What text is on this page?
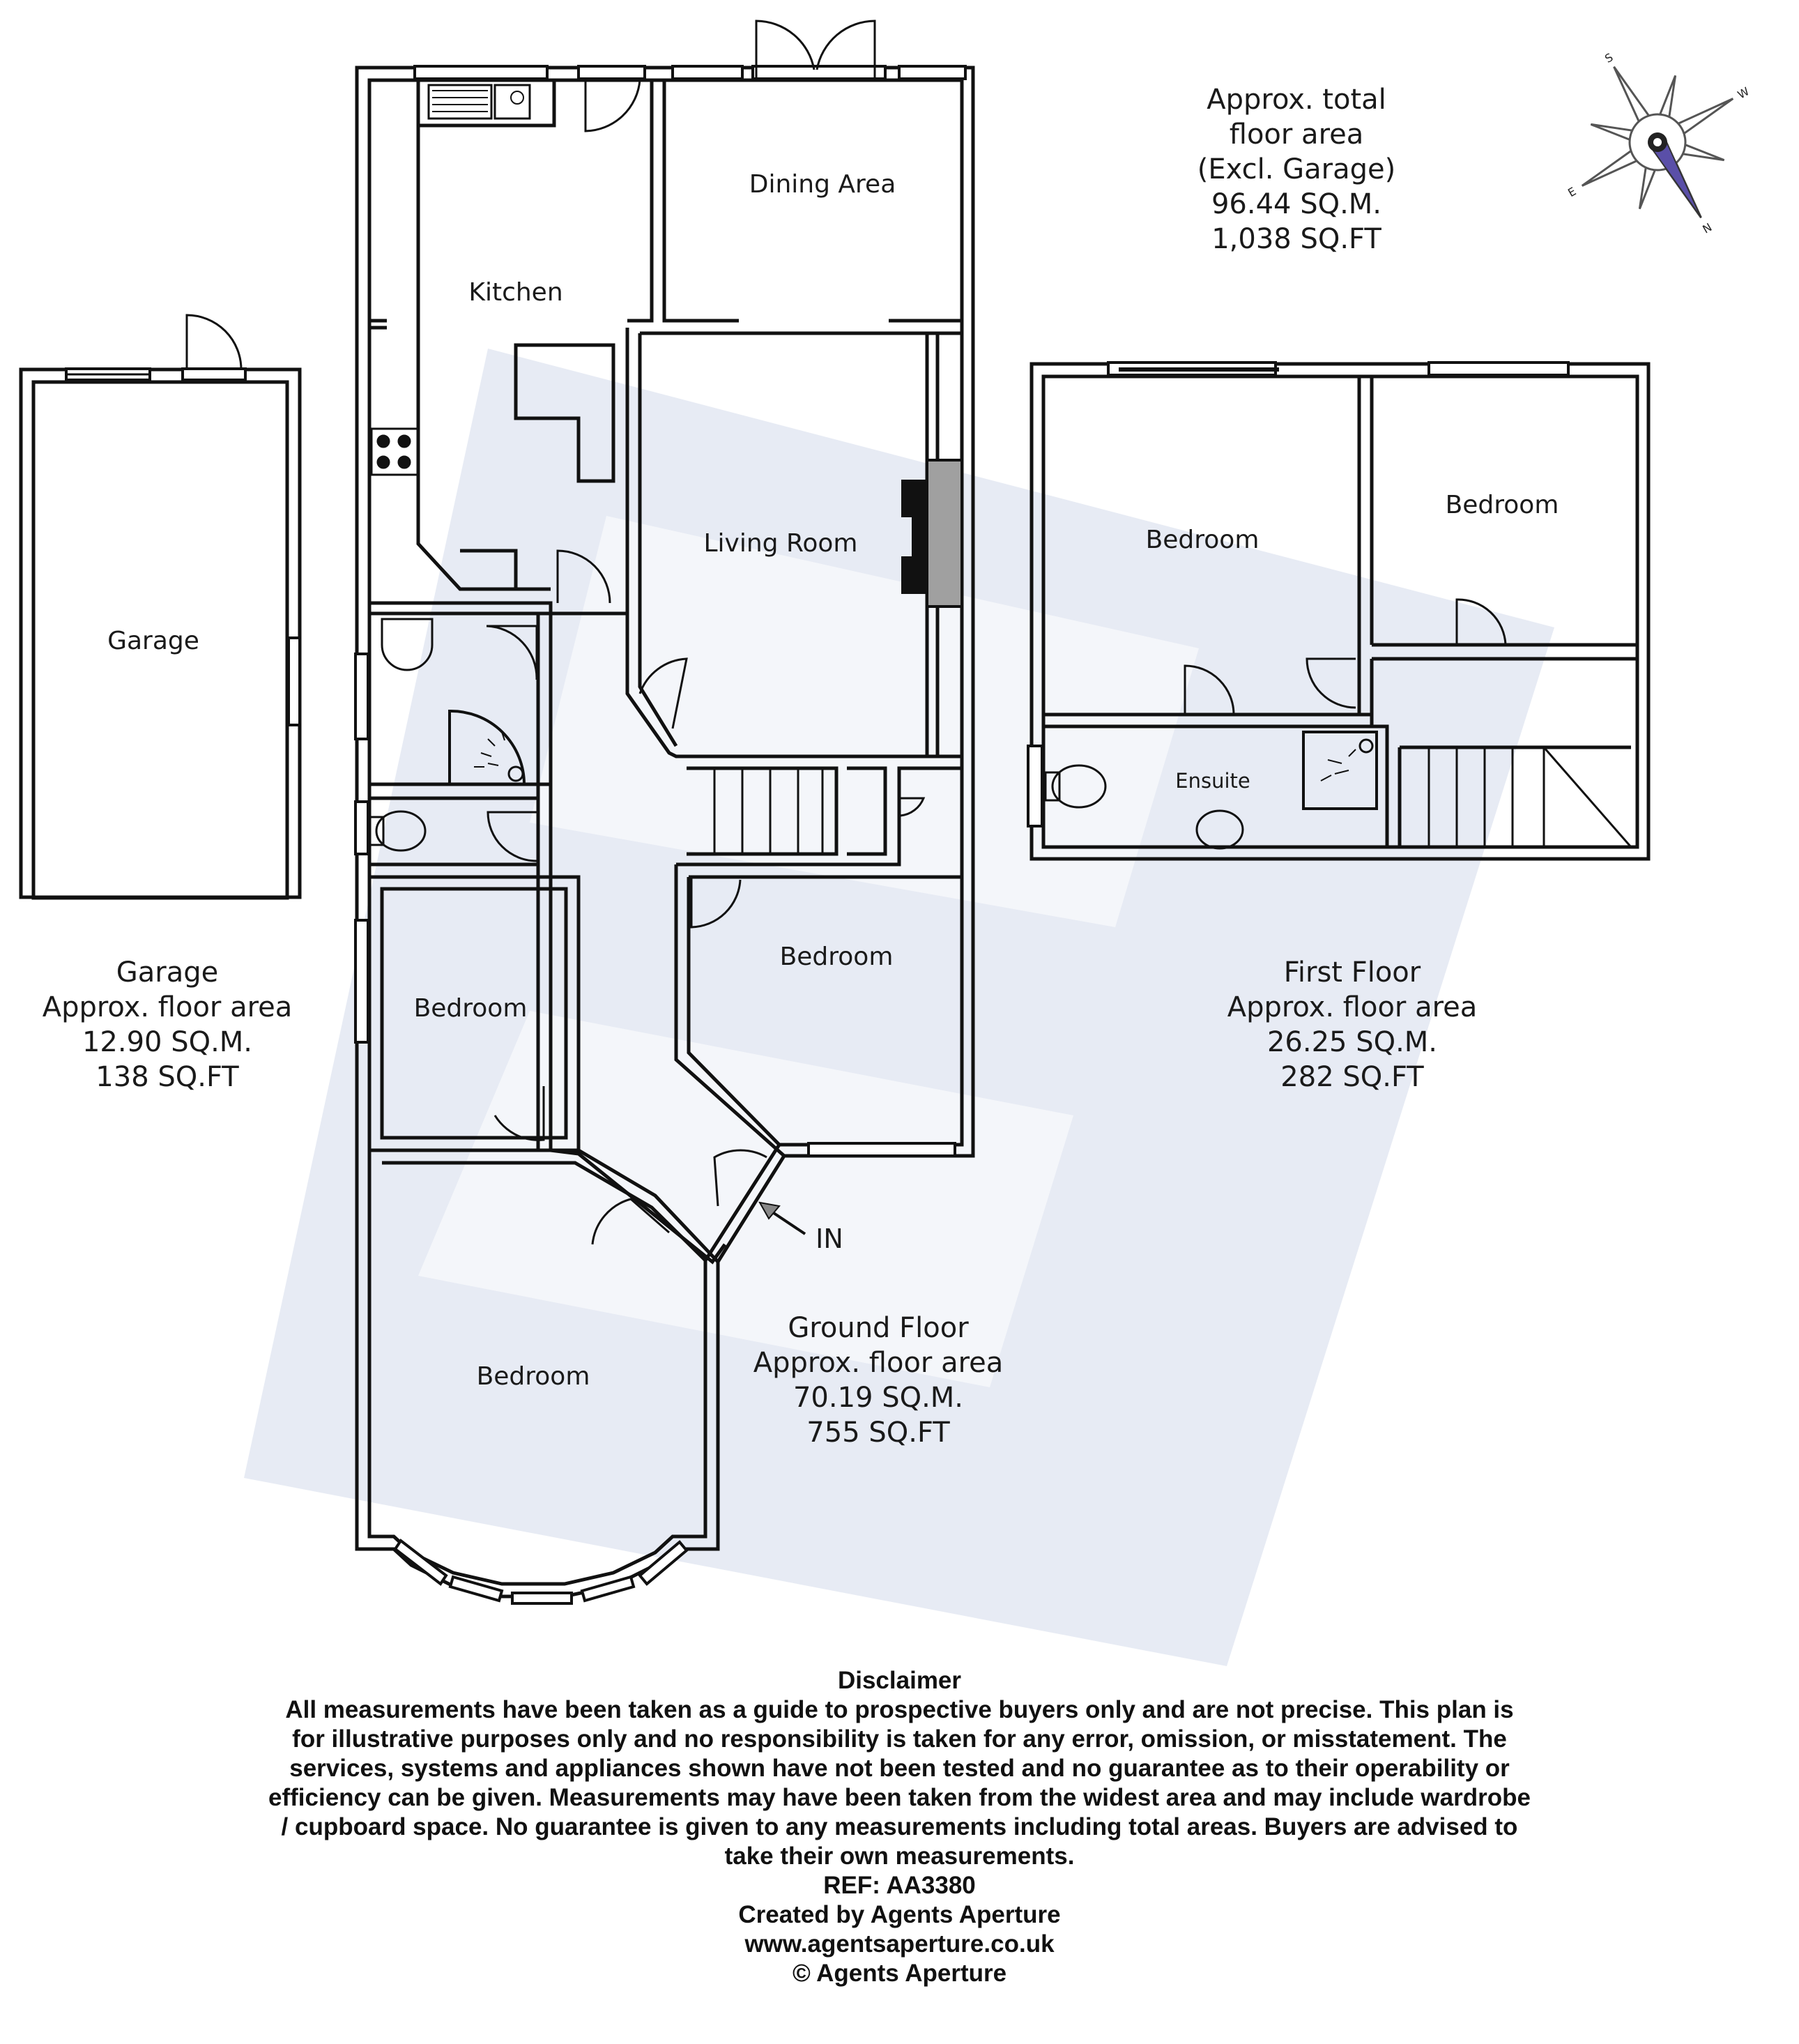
N
S
E
W
Kitchen
Dining Area
Living Room
Garage
Bedroom
Bedroom
Bedroom
Bedroom
Bedroom
Ensuite
IN
Approx. total
floor area
(Excl. Garage)
96.44 SQ.M.
1,038 SQ.FT
Garage
Approx. floor area
12.90 SQ.M.
138 SQ.FT
Ground Floor
Approx. floor area
70.19 SQ.M.
755 SQ.FT
First Floor
Approx. floor area
26.25 SQ.M.
282 SQ.FT
Disclaimer
All measurements have been taken as a guide to prospective buyers only and are not precise. This plan is
for illustrative purposes only and no responsibility is taken for any error, omission, or misstatement. The
services, systems and appliances shown have not been tested and no guarantee as to their operability or
efficiency can be given. Measurements may have been taken from the widest area and may include wardrobe
/ cupboard space. No guarantee is given to any measurements including total areas. Buyers are advised to
take their own measurements.
REF: AA3380
Created by Agents Aperture
www.agentsaperture.co.uk
© Agents Aperture
